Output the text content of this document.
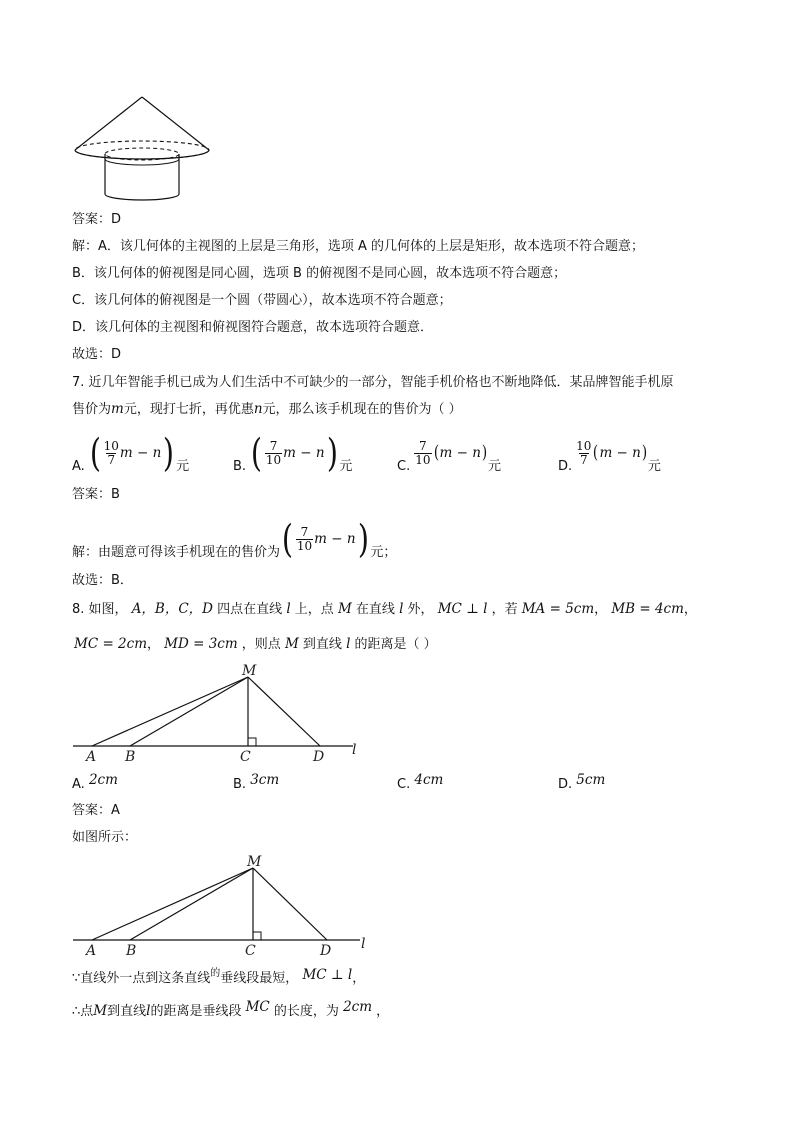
答案：D
解：A．该几何体的主视图的上层是三角形，选项 A 的几何体的上层是矩形，故本选项不符合题意；
B．该几何体的俯视图是同心圆，选项 B 的俯视图不是同心圆，故本选项不符合题意；
C．该几何体的俯视图是一个圆（带圆心），故本选项不符合题意；
D．该几何体的主视图和俯视图符合题意，故本选项符合题意．
故选：D
7. 近几年智能手机已成为人们生活中不可缺少的一部分，智能手机价格也不断地降低．某品牌智能手机原
售价为m元，现打七折，再优惠n元，那么该手机现在的售价为（ ）
A. ( $\frac{10}{7}$ m − n ) 元	B. ( $\frac{7}{10}$ m − n ) 元	C. $\frac{7}{10}$ ( m − n )
元	D. $\frac{10}{7}$ ( m − n )
元
答案：B
解：由题意可得该手机现在的售价为 ( $\frac{7}{10}$ m − n ) 元；
故选：B．
8. 如图， A，B，C，D 四点在直线 l 上，点 M 在直线 l 外， MC ⊥ l ，若 MA = 5cm， MB = 4cm，
MC = 2cm， MD = 3cm ，则点 M 到直线 l 的距离是（ ）
M
A B	C	D l
A. 2cm	B. 3cm	C. 4cm	D. 5cm
答案：A
如图所示：
M
A B	C	D l
∵直线外一点到这条直线$^的$垂线段最短， MC ⊥ l，
∴点M到直线l的距离是垂线段 MC 的长度，为 2cm ，
